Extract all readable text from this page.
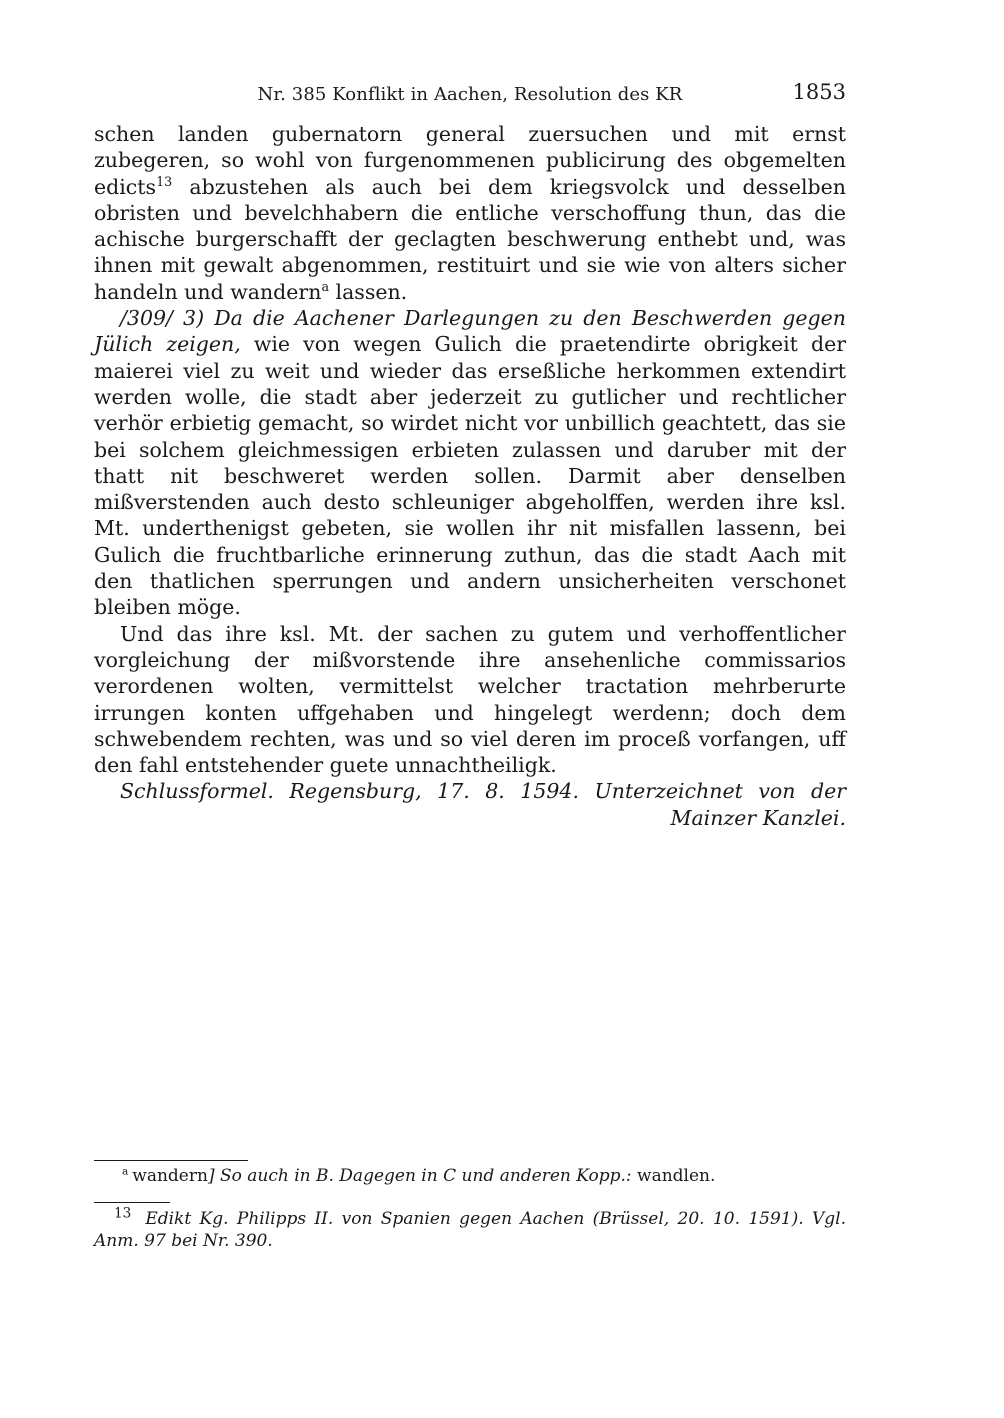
Nr. 385 Konflikt in Aachen, Resolution des KR	1853

schen landen gubernatorn general zuersuchen und mit ernst zubegeren, so wohl von furgenommenen publicirung des obgemelten edicts$^{13}$ abzustehen als auch bei dem kriegsvolck und desselben obristen und bevelchhabern die entliche verschoffung thun, das die achische burgerschafft der geclagten beschwerung enthebt und, was ihnen mit gewalt abgenommen, restituirt und sie wie von alters sicher handeln und wandern$^a$ lassen.

/309/ 3) Da die Aachener Darlegungen zu den Beschwerden gegen Jülich zeigen, wie von wegen Gulich die praetendirte obrigkeit der maierei viel zu weit und wieder das erseßliche herkommen extendirt werden wolle, die stadt aber jederzeit zu gutlicher und rechtlicher verhör erbietig gemacht, so wirdet nicht vor unbillich geachtett, das sie bei solchem gleichmessigen erbieten zulassen und daruber mit der thatt nit beschweret werden sollen. Darmit aber denselben mißverstenden auch desto schleuniger abgeholffen, werden ihre ksl. Mt. underthenigst gebeten, sie wollen ihr nit misfallen lassenn, bei Gulich die fruchtbarliche erinnerung zuthun, das die stadt Aach mit den thatlichen sperrungen und andern unsicherheiten verschonet bleiben möge.

Und das ihre ksl. Mt. der sachen zu gutem und verhoffentlicher vorgleichung der mißvorstende ihre ansehenliche commissarios verordenen wolten, vermittelst welcher tractation mehrberurte irrungen konten uffgehaben und hingelegt werdenn; doch dem schwebendem rechten, was und so viel deren im proceß vorfangen, uff den fahl entstehender guete unnachtheiligk.

Schlussformel. Regensburg, 17. 8. 1594. Unterzeichnet von der Mainzer Kanzlei.

$^a$ wandern] So auch in B. Dagegen in C und anderen Kopp.: wandlen.
$^{13}$ Edikt Kg. Philipps II. von Spanien gegen Aachen (Brüssel, 20. 10. 1591). Vgl. Anm. 97 bei Nr. 390.
